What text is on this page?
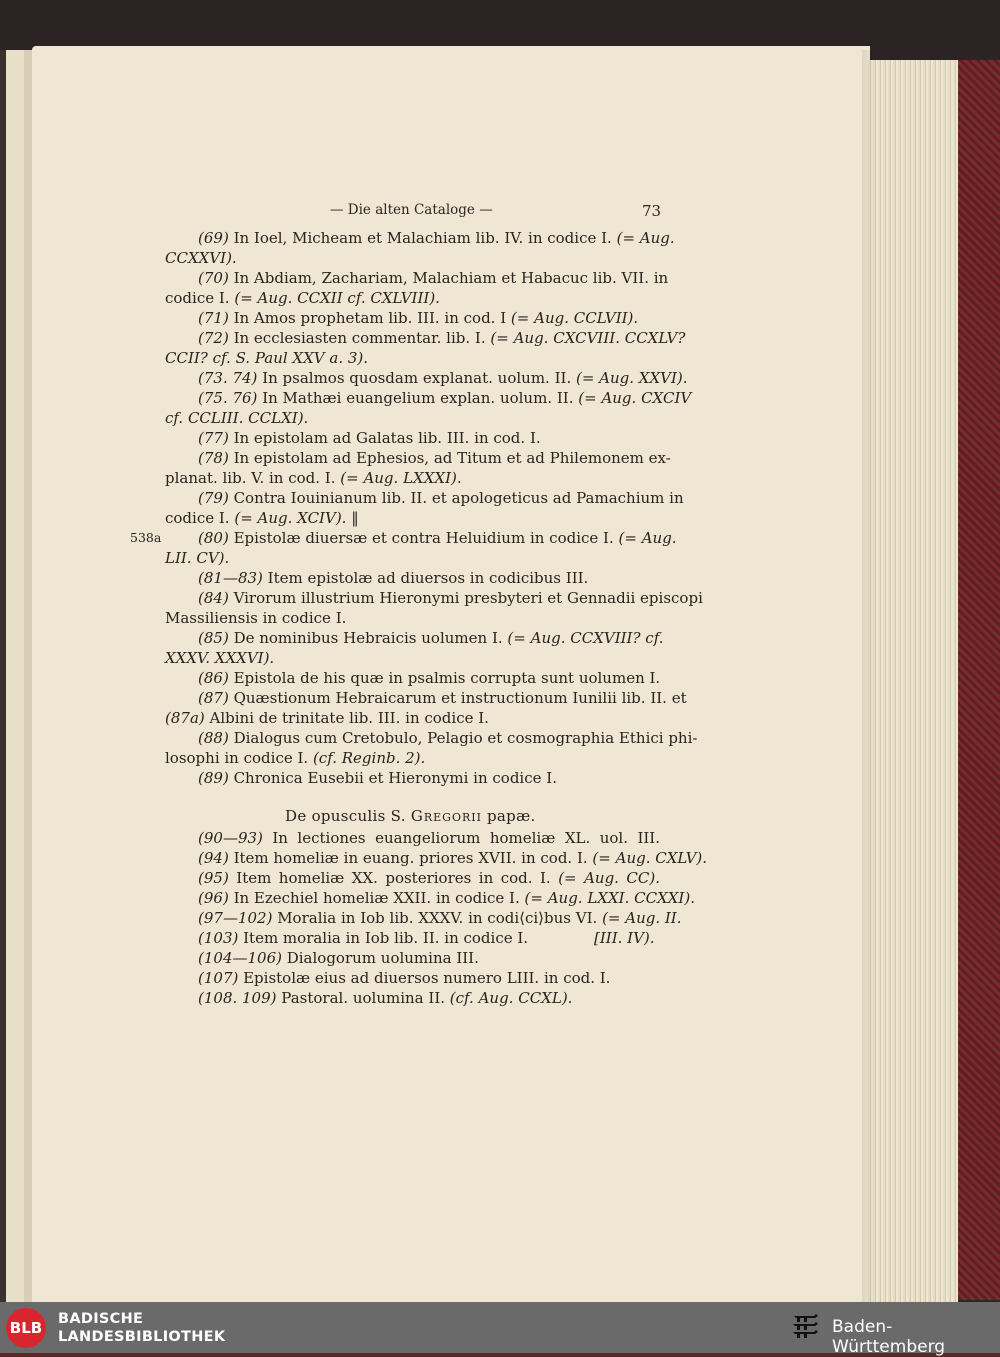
— Die alten Cataloge —	73
(69) In Ioel, Micheam et Malachiam lib. IV. in codice I. (= Aug.
CCXXVI).
(70) In Abdiam, Zachariam, Malachiam et Habacuc lib. VII. in
codice I. (= Aug. CCXII cf. CXLVIII).
(71) In Amos prophetam lib. III. in cod. I (= Aug. CCLVII).
(72) In ecclesiasten commentar. lib. I. (= Aug. CXCVIII. CCXLV?
CCII? cf. S. Paul XXV a. 3).
(73. 74) In psalmos quosdam explanat. uolum. II. (= Aug. XXVI).
(75. 76) In Mathæi euangelium explan. uolum. II. (= Aug. CXCIV
cf. CCLIII. CCLXI).
(77) In epistolam ad Galatas lib. III. in cod. I.
(78) In epistolam ad Ephesios, ad Titum et ad Philemonem ex-
planat. lib. V. in cod. I. (= Aug. LXXXI).
(79) Contra Iouinianum lib. II. et apologeticus ad Pamachium in
codice I. (= Aug. XCIV). ‖
(80) Epistolæ diuersæ et contra Heluidium in codice I. (= Aug.
538a
LII. CV).
(81—83) Item epistolæ ad diuersos in codicibus III.
(84) Virorum illustrium Hieronymi presbyteri et Gennadii episcopi
Massiliensis in codice I.
(85) De nominibus Hebraicis uolumen I. (= Aug. CCXVIII? cf.
XXXV. XXXVI).
(86) Epistola de his quæ in psalmis corrupta sunt uolumen I.
(87) Quæstionum Hebraicarum et instructionum Iunilii lib. II. et
(87a) Albini de trinitate lib. III. in codice I.
(88) Dialogus cum Cretobulo, Pelagio et cosmographia Ethici phi-
losophi in codice I. (cf. Reginb. 2).
(89) Chronica Eusebii et Hieronymi in codice I.
De opusculis S. Gregorii papæ.
(90—93) In lectiones euangeliorum homeliæ XL. uol. III.
(94) Item homeliæ in euang. priores XVII. in cod. I. (= Aug. CXLV).
(95) Item homeliæ XX. posteriores in cod. I. (= Aug. CC).
(96) In Ezechiel homeliæ XXII. in codice I. (= Aug. LXXI. CCXXI).
(97—102) Moralia in Iob lib. XXXV. in codi⟨ci⟩bus VI. (= Aug. II.
(103) Item moralia in Iob lib. II. in codice I.	[III. IV).
(104—106) Dialogorum uolumina III.
(107) Epistolæ eius ad diuersos numero LIII. in cod. I.
(108. 109) Pastoral. uolumina II. (cf. Aug. CCXL).
BLB BADISCHE
LANDESBIBLIOTHEK	Baden-Württemberg
